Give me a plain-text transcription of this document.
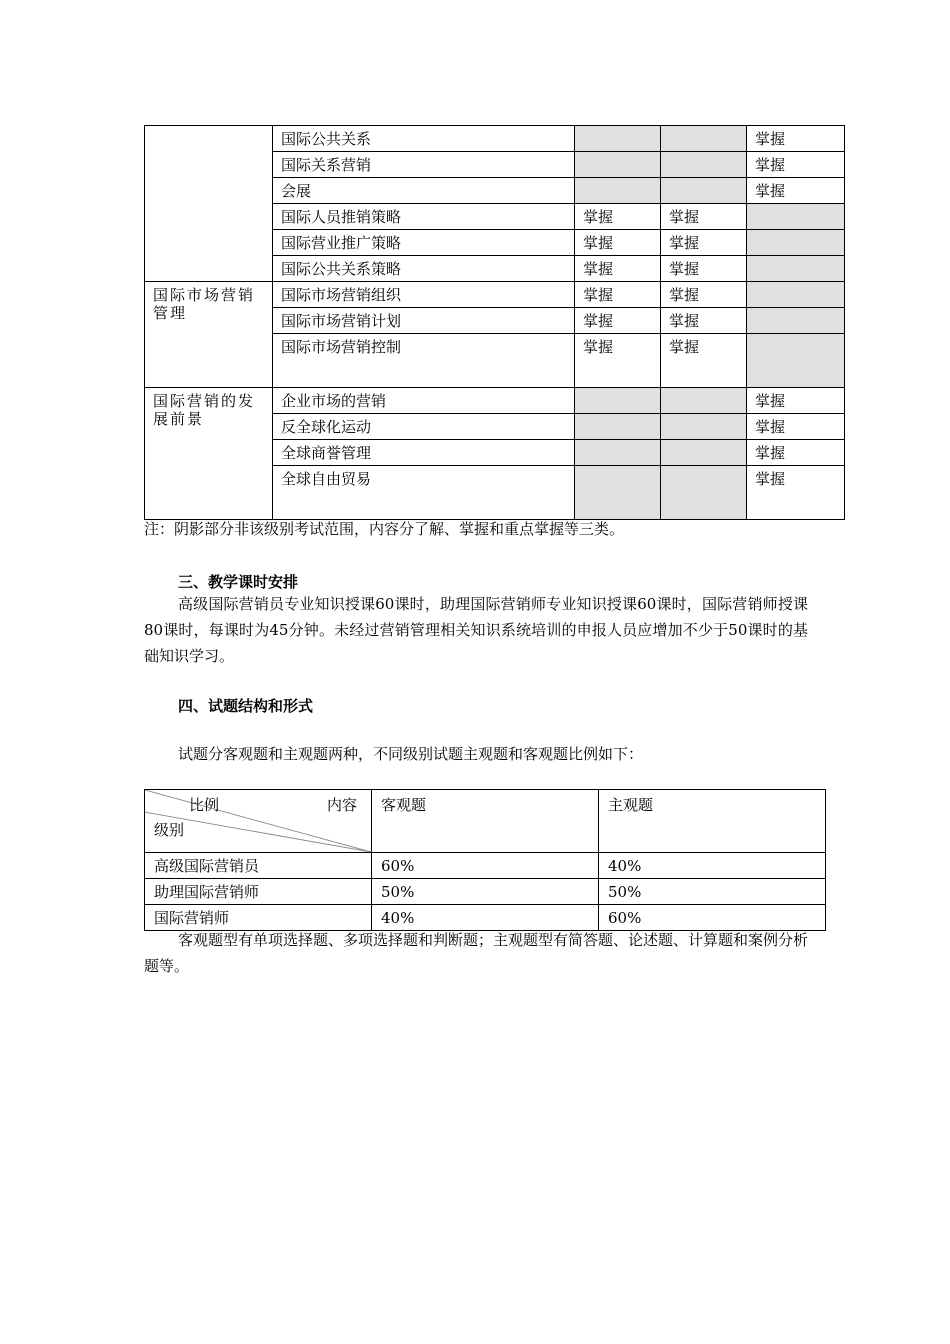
	国际公共关系			掌握
	国际关系营销			掌握
	会展			掌握
	国际人员推销策略	掌握	掌握	
	国际营业推广策略	掌握	掌握	
	国际公共关系策略	掌握	掌握	
国际市场营销管理	国际市场营销组织	掌握	掌握	
	国际市场营销计划	掌握	掌握	
	国际市场营销控制	掌握	掌握	
国际营销的发展前景	企业市场的营销			掌握
	反全球化运动			掌握
	全球商誉管理			掌握
	全球自由贸易			掌握
注：阴影部分非该级别考试范围，内容分了解、掌握和重点掌握等三类。
三、教学课时安排
高级国际营销员专业知识授课60课时，助理国际营销师专业知识授课60课时，国际营销师授课80课时，每课时为45分钟。未经过营销管理相关知识系统培训的申报人员应增加不少于50课时的基础知识学习。
四、试题结构和形式
试题分客观题和主观题两种，不同级别试题主观题和客观题比例如下：
比例 内容
级别	客观题	主观题
高级国际营销员	60%	40%
助理国际营销师	50%	50%
国际营销师	40%	60%
客观题型有单项选择题、多项选择题和判断题；主观题型有简答题、论述题、计算题和案例分析题等。
